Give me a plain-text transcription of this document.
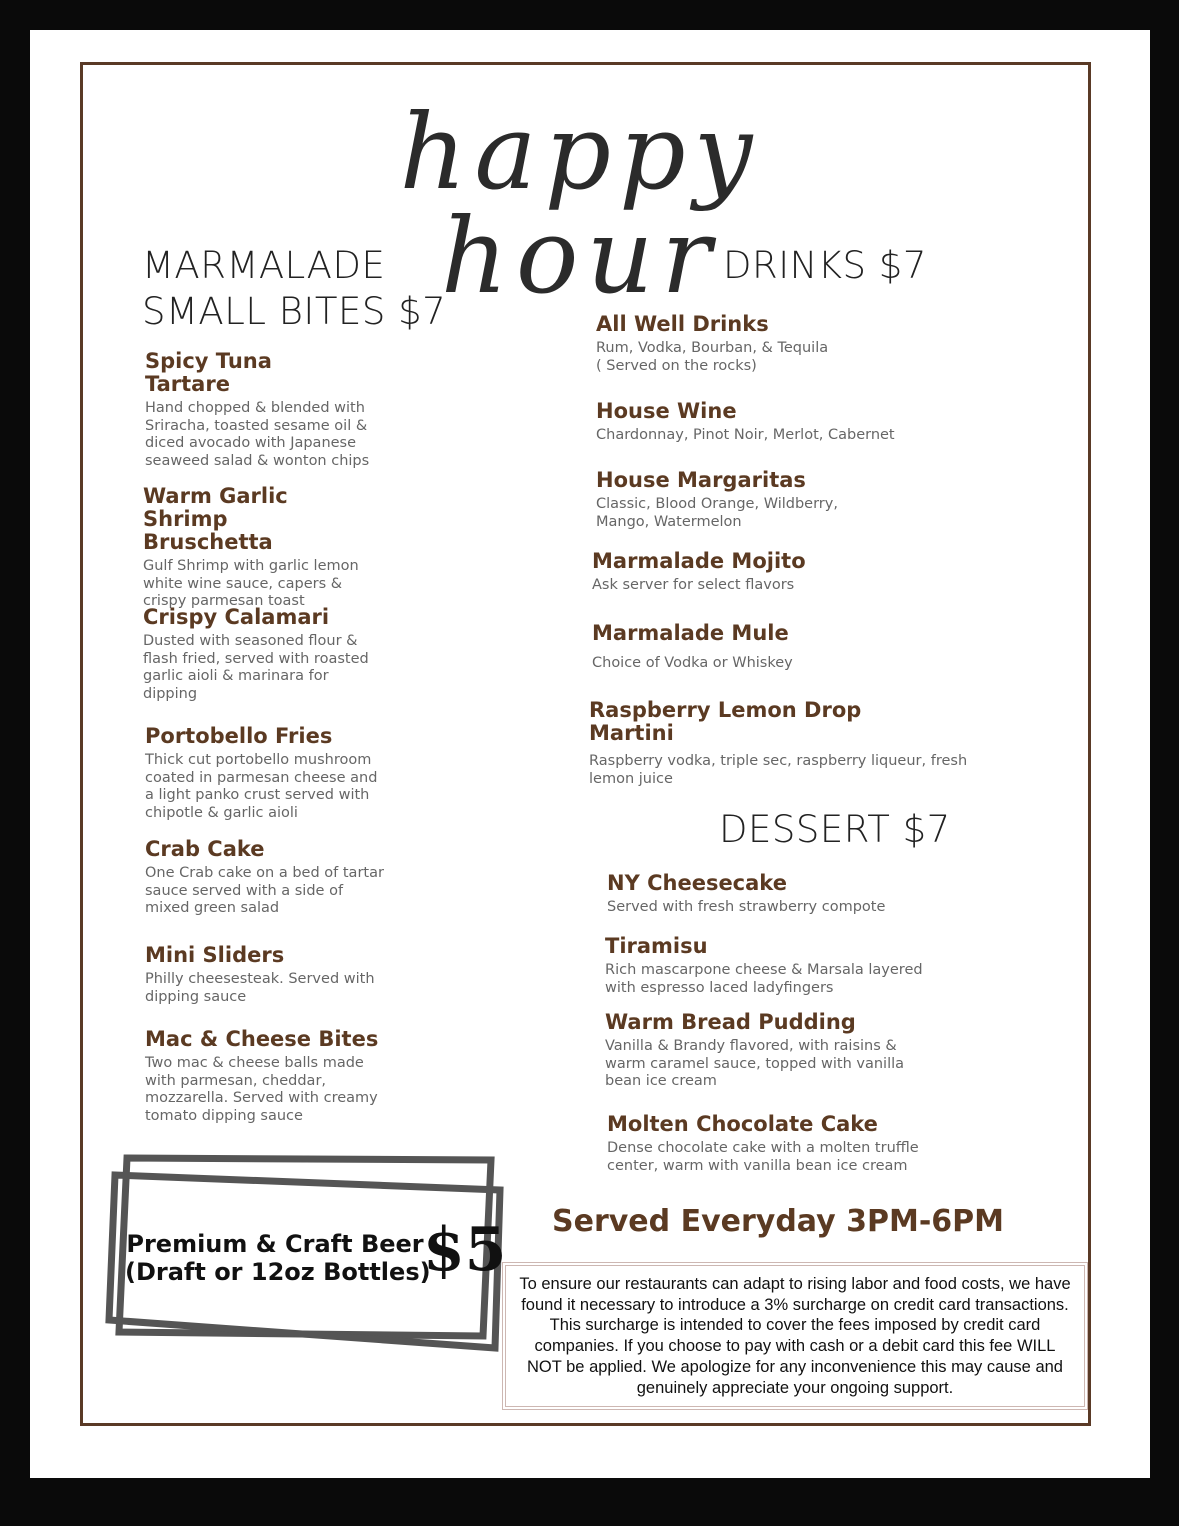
happy hour
MARMALADE
SMALL BITES $7
Spicy Tuna
Tartare
Hand chopped & blended with Sriracha, toasted sesame oil & diced avocado with Japanese seaweed salad & wonton chips
Warm Garlic Shrimp
Bruschetta
Gulf Shrimp with garlic lemon white wine sauce, capers & crispy parmesan toast
Crispy Calamari
Dusted with seasoned flour & flash fried, served with roasted garlic aioli & marinara for dipping
Portobello Fries
Thick cut portobello mushroom coated in parmesan cheese and a light panko crust served with chipotle & garlic aioli
Crab Cake
One Crab cake on a bed of tartar sauce served with a side of mixed green salad
Mini Sliders
Philly cheesesteak. Served with dipping sauce
Mac & Cheese Bites
Two mac & cheese balls made with parmesan, cheddar, mozzarella. Served with creamy tomato dipping sauce
DRINKS $7
All Well Drinks
Rum, Vodka, Bourban, & Tequila
( Served on the rocks)
House Wine
Chardonnay, Pinot Noir, Merlot, Cabernet
House Margaritas
Classic, Blood Orange, Wildberry,
Mango, Watermelon
Marmalade Mojito
Ask server for select flavors
Marmalade Mule
Choice of Vodka or Whiskey
Raspberry Lemon Drop
Martini
Raspberry vodka, triple sec, raspberry liqueur, fresh lemon juice
DESSERT $7
NY Cheesecake
Served with fresh strawberry compote
Tiramisu
Rich mascarpone cheese & Marsala layered with espresso laced ladyfingers
Warm Bread Pudding
Vanilla & Brandy flavored, with raisins & warm caramel sauce, topped with vanilla bean ice cream
Molten Chocolate Cake
Dense chocolate cake with a molten truffle center, warm with vanilla bean ice cream
Premium & Craft Beer
(Draft or 12oz Bottles)
$5 Served Everyday 3PM-6PM
To ensure our restaurants can adapt to rising labor and food costs, we have found it necessary to introduce a 3% surcharge on credit card transactions. This surcharge is intended to cover the fees imposed by credit card companies. If you choose to pay with cash or a debit card this fee WILL NOT be applied. We apologize for any inconvenience this may cause and genuinely appreciate your ongoing support.
